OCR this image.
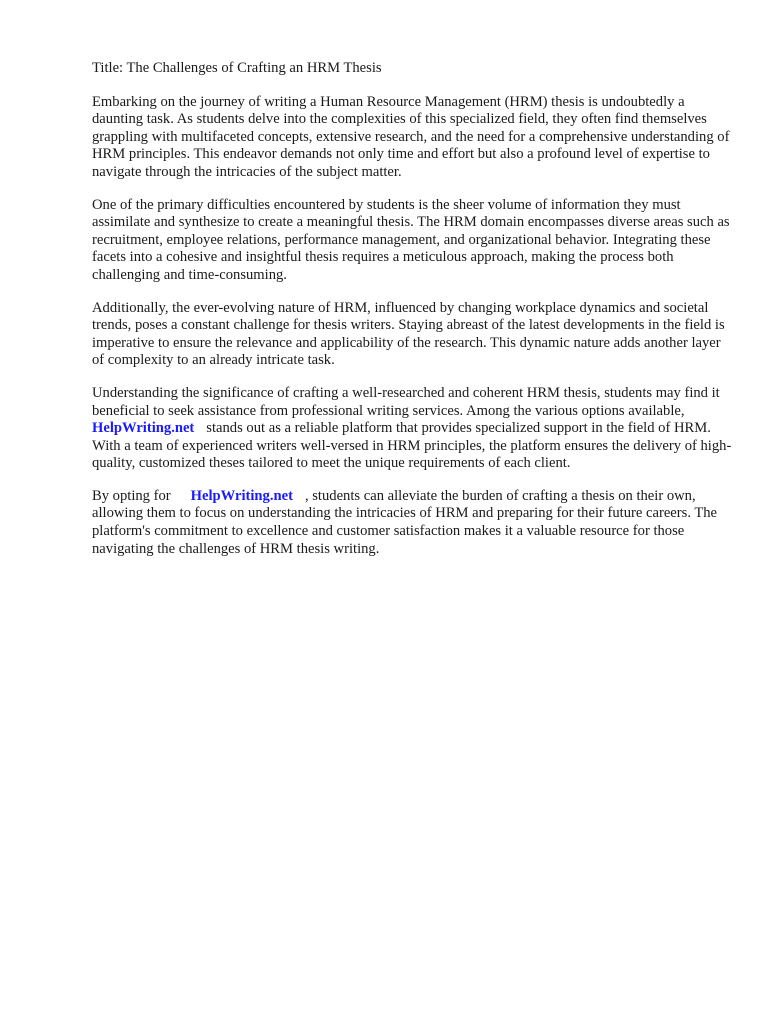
Title: The Challenges of Crafting an HRM Thesis

Embarking on the journey of writing a Human Resource Management (HRM) thesis is undoubtedly a daunting task. As students delve into the complexities of this specialized field, they often find themselves grappling with multifaceted concepts, extensive research, and the need for a comprehensive understanding of HRM principles. This endeavor demands not only time and effort but also a profound level of expertise to navigate through the intricacies of the subject matter.

One of the primary difficulties encountered by students is the sheer volume of information they must assimilate and synthesize to create a meaningful thesis. The HRM domain encompasses diverse areas such as recruitment, employee relations, performance management, and organizational behavior. Integrating these facets into a cohesive and insightful thesis requires a meticulous approach, making the process both challenging and time-consuming.

Additionally, the ever-evolving nature of HRM, influenced by changing workplace dynamics and societal trends, poses a constant challenge for thesis writers. Staying abreast of the latest developments in the field is imperative to ensure the relevance and applicability of the research. This dynamic nature adds another layer of complexity to an already intricate task.

Understanding the significance of crafting a well-researched and coherent HRM thesis, students may find it beneficial to seek assistance from professional writing services. Among the various options available,HelpWriting.net stands out as a reliable platform that provides specialized support in the field of HRM. With a team of experienced writers well-versed in HRM principles, the platform ensures the delivery of high-quality, customized theses tailored to meet the unique requirements of each client.

By opting for HelpWriting.net , students can alleviate the burden of crafting a thesis on their own, allowing them to focus on understanding the intricacies of HRM and preparing for their future careers. The platform's commitment to excellence and customer satisfaction makes it a valuable resource for those navigating the challenges of HRM thesis writing.
